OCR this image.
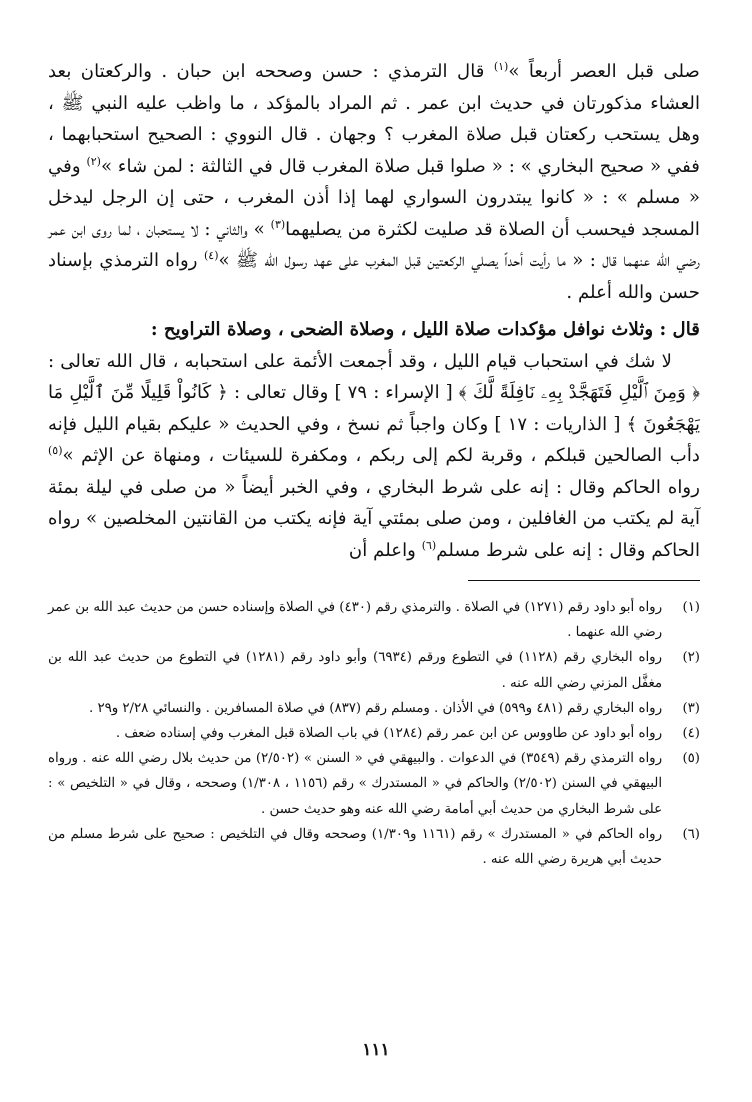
صلى قبل العصر أربعاً »$^{(١)}$ قال الترمذي : حسن وصححه ابن حبان . والركعتان بعد العشاء مذكورتان في حديث ابن عمر . ثم المراد بالمؤكد ، ما واظب عليه النبي ﷺ ، وهل يستحب ركعتان قبل صلاة المغرب ؟ وجهان . قال النووي : الصحيح استحبابهما ، ففي « صحيح البخاري » : « صلوا قبل صلاة المغرب قال في الثالثة : لمن شاء »$^{(٢)}$ وفي « مسلم » : « كانوا يبتدرون السواري لهما إذا أذن المغرب ، حتى إن الرجل ليدخل المسجد فيحسب أن الصلاة قد صليت لكثرة من يصليهما$^{(٣)}$ » والثاني : لا يستحبان ، لما روى ابن عمر رضي الله عنهما قال : « ما رأيت أحداً يصلي الركعتين قبل المغرب على عهد رسول الله ﷺ »$^{(٤)}$ رواه الترمذي بإسناد حسن والله أعلم .

قال : وثلاث نوافل مؤكدات صلاة الليل ، وصلاة الضحى ، وصلاة التراويح :

لا شك في استحباب قيام الليل ، وقد أجمعت الأئمة على استحبابه ، قال الله تعالى : ﴿ وَمِنَ ٱلَّيْلِ فَتَهَجَّدْ بِهِۦ نَافِلَةً لَّكَ ﴾ [ الإسراء : ٧٩ ] وقال تعالى : ﴿ كَانُواْ قَلِيلًا مِّنَ ٱلَّيْلِ مَا يَهْجَعُونَ ﴾ [ الذاريات : ١٧ ] وكان واجباً ثم نسخ ، وفي الحديث « عليكم بقيام الليل فإنه دأب الصالحين قبلكم ، وقربة لكم إلى ربكم ، ومكفرة للسيئات ، ومنهاة عن الإثم »$^{(٥)}$ رواه الحاكم وقال : إنه على شرط البخاري ، وفي الخبر أيضاً « من صلى في ليلة بمئة آية لم يكتب من الغافلين ، ومن صلى بمئتي آية فإنه يكتب من القانتين المخلصين » رواه الحاكم وقال : إنه على شرط مسلم$^{(٦)}$ واعلم أن

(١)
رواه أبو داود رقم (١٢٧١) في الصلاة . والترمذي رقم (٤٣٠) في الصلاة وإسناده حسن من حديث عبد الله بن عمر رضي الله عنهما .
(٢)
رواه البخاري رقم (١١٢٨) في التطوع ورقم (٦٩٣٤) وأبو داود رقم (١٢٨١) في التطوع من حديث عبد الله بن مغفَّل المزني رضي الله عنه .
(٣)
رواه البخاري رقم (٤٨١ و٥٩٩) في الأذان . ومسلم رقم (٨٣٧) في صلاة المسافرين . والنسائي ٢/٢٨ و٢٩ .
(٤)
رواه أبو داود عن طاووس عن ابن عمر رقم (١٢٨٤) في باب الصلاة قبل المغرب وفي إسناده ضعف .
(٥)
رواه الترمذي رقم (٣٥٤٩) في الدعوات . والبيهقي في « السنن » (٢/٥٠٢) من حديث بلال رضي الله عنه . ورواه البيهقي في السنن (٢/٥٠٢) والحاكم في « المستدرك » رقم (١١٥٦ ، ١/٣٠٨) وصححه ، وقال في « التلخيص » : على شرط البخاري من حديث أبي أمامة رضي الله عنه وهو حديث حسن .
(٦)
رواه الحاكم في « المستدرك » رقم (١١٦١ و١/٣٠٩) وصححه وقال في التلخيص : صحيح على شرط مسلم من حديث أبي هريرة رضي الله عنه .
١١١
